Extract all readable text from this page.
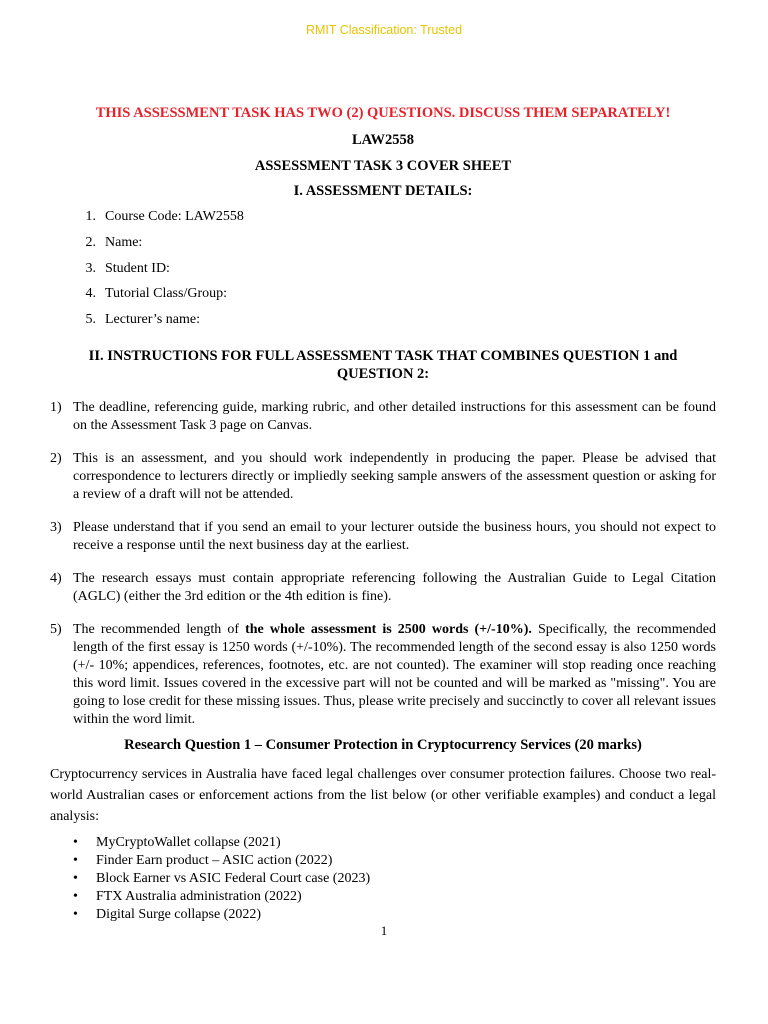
RMIT Classification: Trusted

THIS ASSESSMENT TASK HAS TWO (2) QUESTIONS. DISCUSS THEM SEPARATELY!

LAW2558

ASSESSMENT TASK 3 COVER SHEET

I. ASSESSMENT DETAILS:

1. Course Code: LAW2558
2. Name:
3. Student ID:
4. Tutorial Class/Group:
5. Lecturer’s name:

II. INSTRUCTIONS FOR FULL ASSESSMENT TASK THAT COMBINES QUESTION 1 and QUESTION 2:

1) The deadline, referencing guide, marking rubric, and other detailed instructions for this assessment can be found on the Assessment Task 3 page on Canvas.
2) This is an assessment, and you should work independently in producing the paper. Please be advised that correspondence to lecturers directly or impliedly seeking sample answers of the assessment question or asking for a review of a draft will not be attended.
3) Please understand that if you send an email to your lecturer outside the business hours, you should not expect to receive a response until the next business day at the earliest.
4) The research essays must contain appropriate referencing following the Australian Guide to Legal Citation (AGLC) (either the 3rd edition or the 4th edition is fine).
5) The recommended length of the whole assessment is 2500 words (+/-10%). Specifically, the recommended length of the first essay is 1250 words (+/-10%). The recommended length of the second essay is also 1250 words (+/- 10%; appendices, references, footnotes, etc. are not counted). The examiner will stop reading once reaching this word limit. Issues covered in the excessive part will not be counted and will be marked as "missing". You are going to lose credit for these missing issues. Thus, please write precisely and succinctly to cover all relevant issues within the word limit.

Research Question 1 – Consumer Protection in Cryptocurrency Services (20 marks)

Cryptocurrency services in Australia have faced legal challenges over consumer protection failures. Choose two real-world Australian cases or enforcement actions from the list below (or other verifiable examples) and conduct a legal analysis:

•	MyCryptoWallet collapse (2021)
•	Finder Earn product – ASIC action (2022)
•	Block Earner vs ASIC Federal Court case (2023)
•	FTX Australia administration (2022)
•	Digital Surge collapse (2022)
1
